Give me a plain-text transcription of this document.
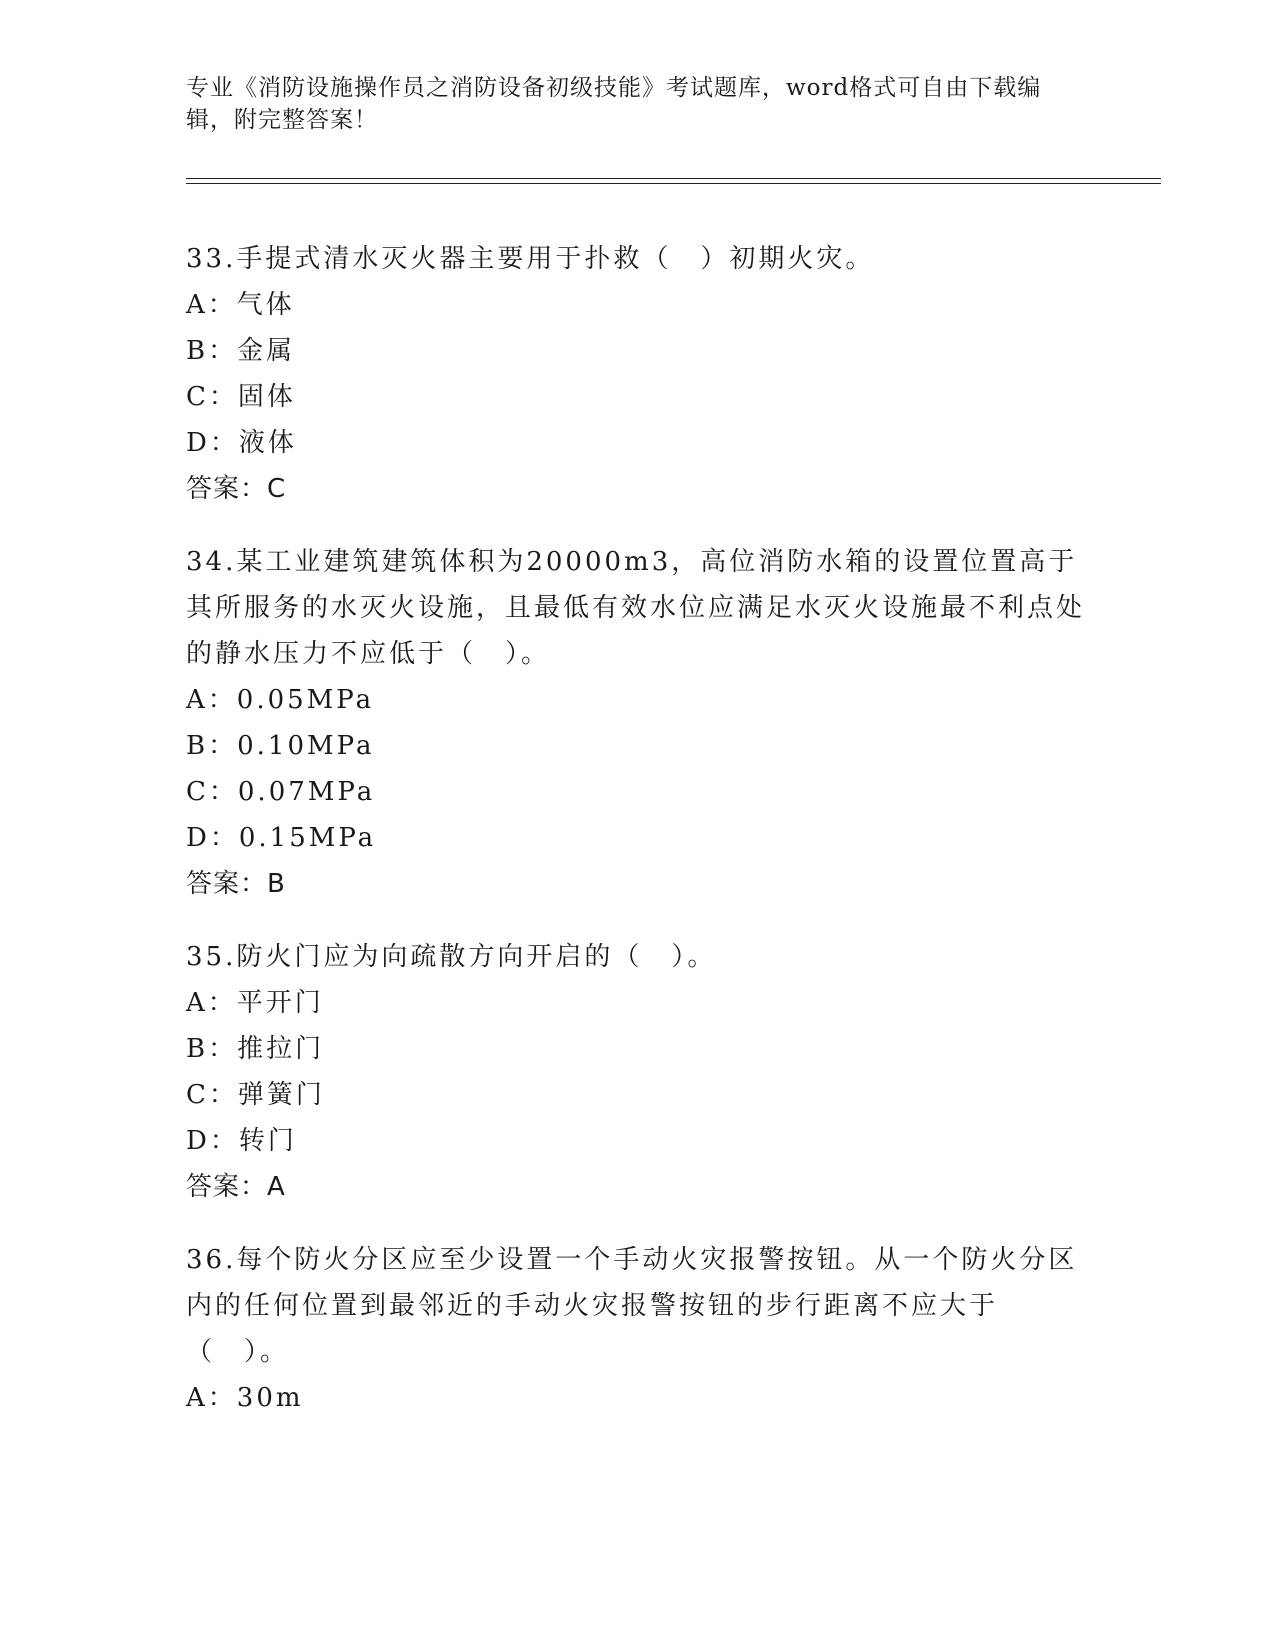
专业《消防设施操作员之消防设备初级技能》考试题库，word格式可自由下载编辑，附完整答案！
33.手提式清水灭火器主要用于扑救（　）初期火灾。
A：气体
B：金属
C：固体
D：液体
答案：C
34.某工业建筑建筑体积为20000m3，高位消防水箱的设置位置高于其所服务的水灭火设施，且最低有效水位应满足水灭火设施最不利点处的静水压力不应低于（　）。
A：0.05MPa
B：0.10MPa
C：0.07MPa
D：0.15MPa
答案：B
35.防火门应为向疏散方向开启的（　）。
A：平开门
B：推拉门
C：弹簧门
D：转门
答案：A
36.每个防火分区应至少设置一个手动火灾报警按钮。从一个防火分区内的任何位置到最邻近的手动火灾报警按钮的步行距离不应大于（　）。
A：30m
